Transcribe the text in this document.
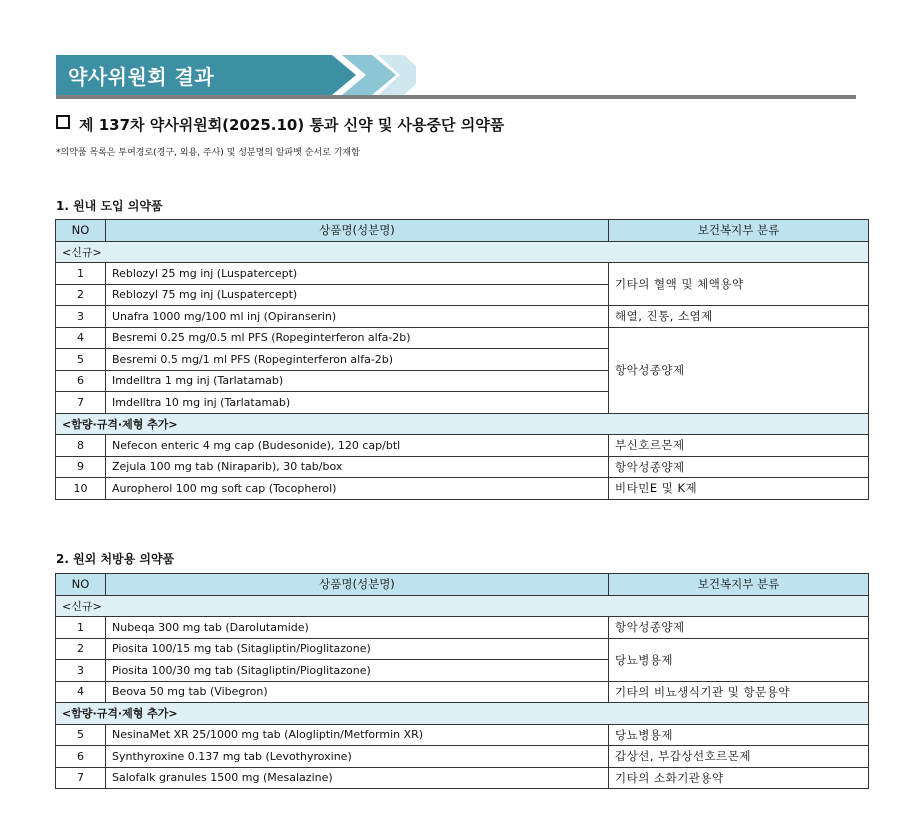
약사위원회 결과
제 137차 약사위원회(2025.10) 통과 신약 및 사용중단 의약품
*의약품 목록은 투여경로(경구, 외용, 주사) 및 성분명의 알파벳 순서로 기재함
1. 원내 도입 의약품
NO	상품명(성분명)	보건복지부 분류
<신규>		
1	Reblozyl 25 mg inj (Luspatercept)	기타의 혈액 및 체액용약
2	Reblozyl 75 mg inj (Luspatercept)	
3	Unafra 1000 mg/100 ml inj (Opiranserin)	해열, 진통, 소염제
4	Besremi 0.25 mg/0.5 ml PFS (Ropeginterferon alfa-2b)	항악성종양제
5	Besremi 0.5 mg/1 ml PFS (Ropeginterferon alfa-2b)	
6	Imdelltra 1 mg inj (Tarlatamab)	
7	Imdelltra 10 mg inj (Tarlatamab)	
<함량·규격·제형 추가>		
8	Nefecon enteric 4 mg cap (Budesonide), 120 cap/btl	부신호르몬제
9	Zejula 100 mg tab (Niraparib), 30 tab/box	항악성종양제
10	Auropherol 100 mg soft cap (Tocopherol)	비타민E 및 K제
2. 원외 처방용 의약품
NO	상품명(성분명)	보건복지부 분류
<신규>		
1	Nubeqa 300 mg tab (Darolutamide)	항악성종양제
2	Piosita 100/15 mg tab (Sitagliptin/Pioglitazone)	당뇨병용제
3	Piosita 100/30 mg tab (Sitagliptin/Pioglitazone)	
4	Beova 50 mg tab (Vibegron)	기타의 비뇨생식기관 및 항문용약
<함량·규격·제형 추가>		
5	NesinaMet XR 25/1000 mg tab (Alogliptin/Metformin XR)	당뇨병용제
6	Synthyroxine 0.137 mg tab (Levothyroxine)	갑상선, 부갑상선호르몬제
7	Salofalk granules 1500 mg (Mesalazine)	기타의 소화기관용약
